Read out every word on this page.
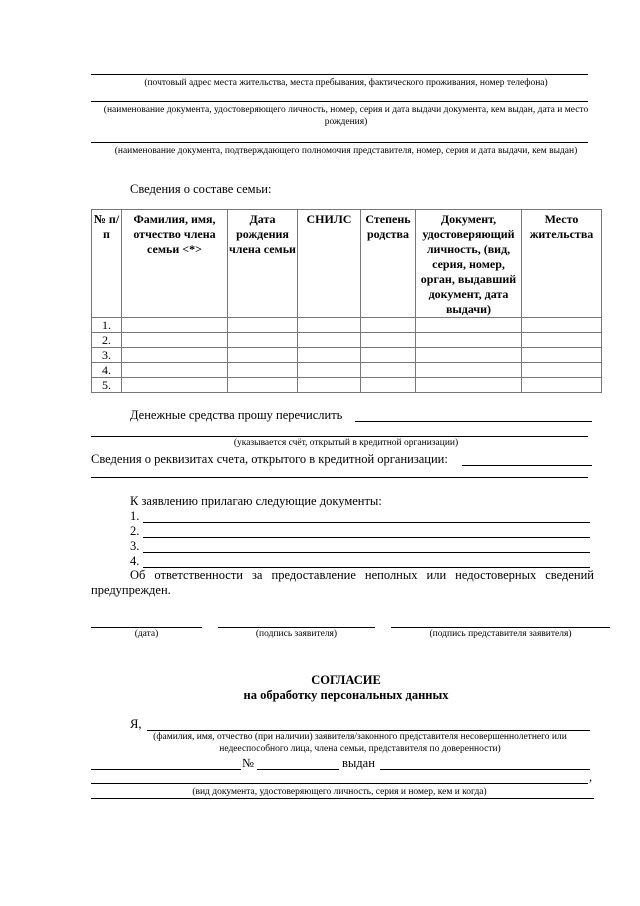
(почтовый адрес места жительства, места пребывания, фактического проживания, номер телефона)
(наименование документа, удостоверяющего личность, номер, серия и дата выдачи документа, кем выдан, дата и место рождения)
(наименование документа, подтверждающего полномочия представителя, номер, серия и дата выдачи, кем выдан)
Сведения о составе семьи:
№ п/п	Фамилия, имя, отчество члена семьи <*>	Дата рождения члена семьи	СНИЛС	Степень родства	Документ, удостоверяющий личность, (вид, серия, номер, орган, выдавший документ, дата выдачи)	Место жительства
1.						
2.						
3.						
4.						
5.						
Денежные средства прошу перечислить
(указывается счёт, открытый в кредитной организации)
Сведения о реквизитах счета, открытого в кредитной организации:
К заявлению прилагаю следующие документы:
1.
2.
3.
4.
Об ответственности за предоставление неполных или недостоверных сведений предупрежден.
(дата)	(подпись заявителя)	(подпись представителя заявителя)
СОГЛАСИЕ
на обработку персональных данных
Я,
(фамилия, имя, отчество (при наличии) заявителя/законного представителя несовершеннолетнего или недееспособного лица, члена семьи, представителя по доверенности)
№	выдан
,
(вид документа, удостоверяющего личность, серия и номер, кем и когда)
